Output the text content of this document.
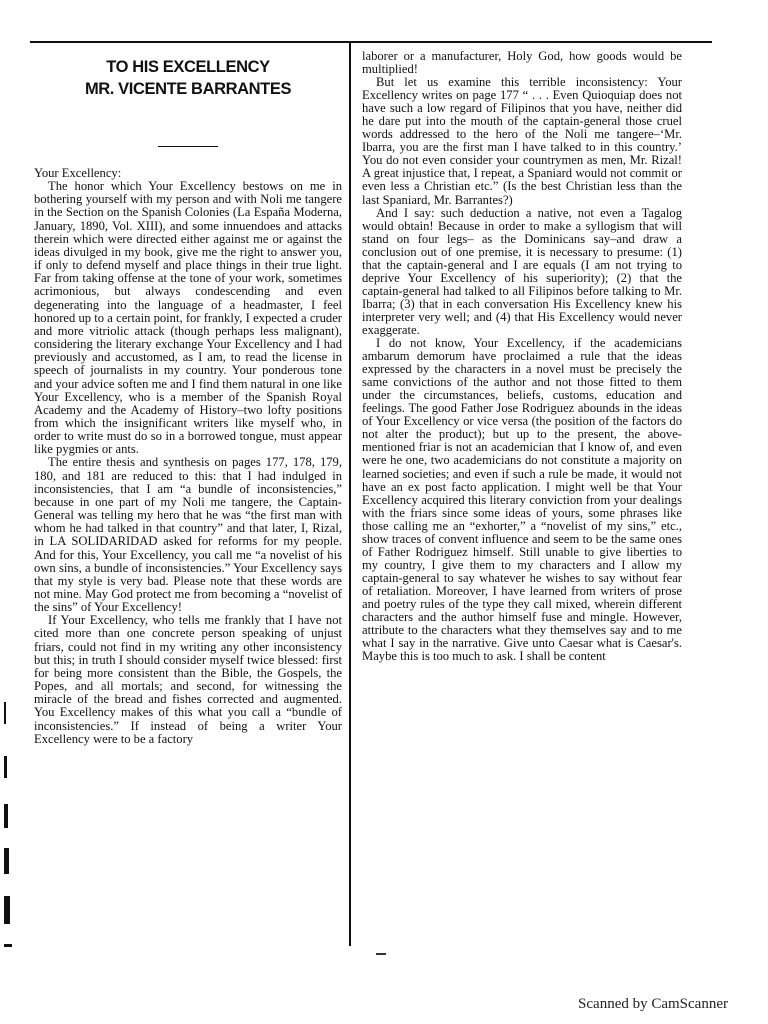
TO HIS EXCELLENCY

MR. VICENTE BARRANTES

Your Excellency:

The honor which Your Excellency bestows on me in bothering yourself with my person and with Noli me tangere in the Section on the Spanish Colonies (La España Moderna, January, 1890, Vol. XIII), and some innuendoes and attacks therein which were directed either against me or against the ideas divulged in my book, give me the right to answer you, if only to defend myself and place things in their true light. Far from taking offense at the tone of your work, sometimes acrimonious, but always condescending and even degenerating into the language of a headmaster, I feel honored up to a certain point, for frankly, I expected a cruder and more vitriolic attack (though perhaps less malignant), considering the literary exchange Your Excellency and I had previously and accustomed, as I am, to read the license in speech of journalists in my country. Your ponderous tone and your advice soften me and I find them natural in one like Your Excellency, who is a member of the Spanish Royal Academy and the Academy of History–two lofty positions from which the insignificant writers like myself who, in order to write must do so in a borrowed tongue, must appear like pygmies or ants.

The entire thesis and synthesis on pages 177, 178, 179, 180, and 181 are reduced to this: that I had indulged in inconsistencies, that I am “a bundle of inconsistencies,” because in one part of my Noli me tangere, the Captain-General was telling my hero that he was “the first man with whom he had talked in that country” and that later, I, Rizal, in LA SOLIDARIDAD asked for reforms for my people. And for this, Your Excellency, you call me “a novelist of his own sins, a bundle of inconsistencies.” Your Excellency says that my style is very bad. Please note that these words are not mine. May God protect me from becoming a “novelist of the sins” of Your Excellency!

If Your Excellency, who tells me frankly that I have not cited more than one concrete person speaking of unjust friars, could not find in my writing any other inconsistency but this; in truth I should consider myself twice blessed: first for being more consistent than the Bible, the Gospels, the Popes, and all mortals; and second, for witnessing the miracle of the bread and fishes corrected and augmented. You Excellency makes of this what you call a “bundle of inconsistencies.” If instead of being a writer Your Excellency were to be a factory

laborer or a manufacturer, Holy God, how goods would be multiplied!

But let us examine this terrible inconsistency: Your Excellency writes on page 177 “ . . . Even Quioquiap does not have such a low regard of Filipinos that you have, neither did he dare put into the mouth of the captain-general those cruel words addressed to the hero of the Noli me tangere–‘Mr. Ibarra, you are the first man I have talked to in this country.’ You do not even consider your countrymen as men, Mr. Rizal! A great injustice that, I repeat, a Spaniard would not commit or even less a Christian etc.” (Is the best Christian less than the last Spaniard, Mr. Barrantes?)

And I say: such deduction a native, not even a Tagalog would obtain! Because in order to make a syllogism that will stand on four legs– as the Dominicans say–and draw a conclusion out of one premise, it is necessary to presume: (1) that the captain-general and I are equals (I am not trying to deprive Your Excellency of his superiority); (2) that the captain-general had talked to all Filipinos before talking to Mr. Ibarra; (3) that in each conversation His Excellency knew his interpreter very well; and (4) that His Excellency would never exaggerate.

I do not know, Your Excellency, if the academicians ambarum demorum have proclaimed a rule that the ideas expressed by the characters in a novel must be precisely the same convictions of the author and not those fitted to them under the circumstances, beliefs, customs, education and feelings. The good Father Jose Rodriguez abounds in the ideas of Your Excellency or vice versa (the position of the factors do not alter the product); but up to the present, the above-mentioned friar is not an academician that I know of, and even were he one, two academicians do not constitute a majority on learned societies; and even if such a rule be made, it would not have an ex post facto application. I might well be that Your Excellency acquired this literary conviction from your dealings with the friars since some ideas of yours, some phrases like those calling me an “exhorter,” a “novelist of my sins,” etc., show traces of convent influence and seem to be the same ones of Father Rodriguez himself. Still unable to give liberties to my country, I give them to my characters and I allow my captain-general to say whatever he wishes to say without fear of retaliation. Moreover, I have learned from writers of prose and poetry rules of the type they call mixed, wherein different characters and the author himself fuse and mingle. However, attribute to the characters what they themselves say and to me what I say in the narrative. Give unto Caesar what is Caesar's. Maybe this is too much to ask. I shall be content

Scanned by CamScanner
